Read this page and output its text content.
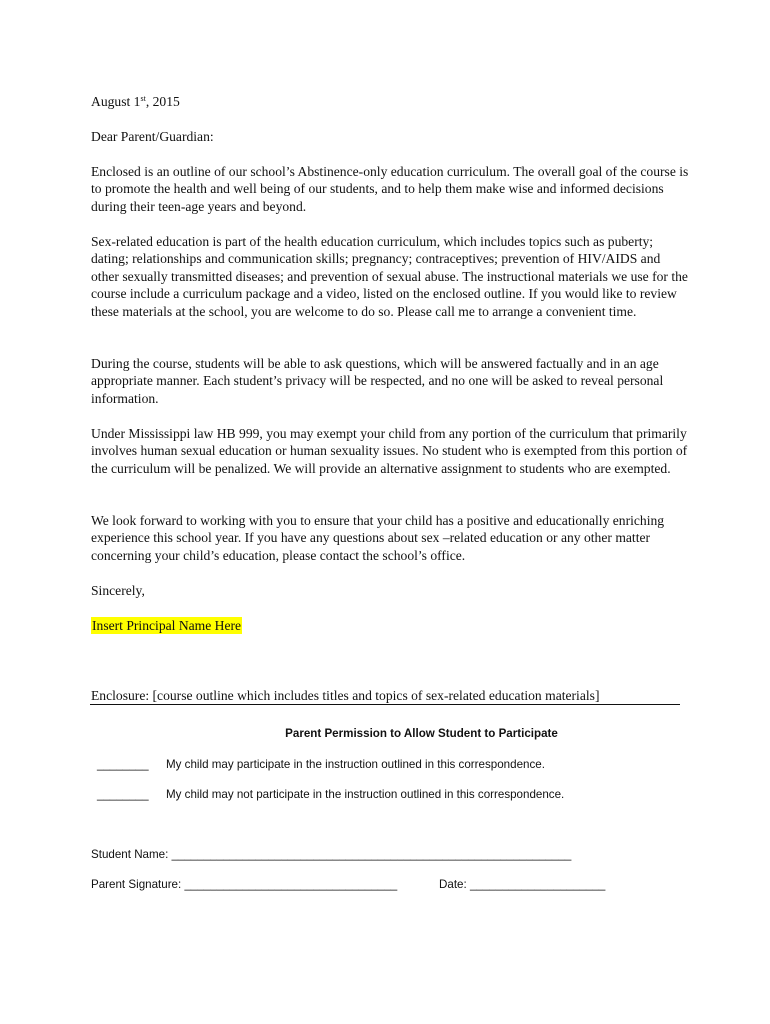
August 1st, 2015
Dear Parent/Guardian:

Enclosed is an outline of our school’s Abstinence-only education curriculum. The overall goal of the course is to promote the health and well being of our students, and to help them make wise and informed decisions during their teen-age years and beyond.

Sex-related education is part of the health education curriculum, which includes topics such as puberty; dating; relationships and communication skills; pregnancy; contraceptives; prevention of HIV/AIDS and other sexually transmitted diseases; and prevention of sexual abuse. The instructional materials we use for the course include a curriculum package and a video, listed on the enclosed outline. If you would like to review these materials at the school, you are welcome to do so. Please call me to arrange a convenient time.

During the course, students will be able to ask questions, which will be answered factually and in an age appropriate manner. Each student’s privacy will be respected, and no one will be asked to reveal personal information.

Under Mississippi law HB 999, you may exempt your child from any portion of the curriculum that primarily involves human sexual education or human sexuality issues. No student who is exempted from this portion of the curriculum will be penalized. We will provide an alternative assignment to students who are exempted.

We look forward to working with you to ensure that your child has a positive and educationally enriching experience this school year. If you have any questions about sex –related education or any other matter concerning your child’s education, please contact the school’s office.

Sincerely,
Insert Principal Name Here
Enclosure: [course outline which includes titles and topics of sex-related education materials]
Parent Permission to Allow Student to Participate
________ My child may participate in the instruction outlined in this correspondence.
________ My child may not participate in the instruction outlined in this correspondence.
Student Name: ______________________________________________________________
Parent Signature: _________________________________	Date: _____________________
